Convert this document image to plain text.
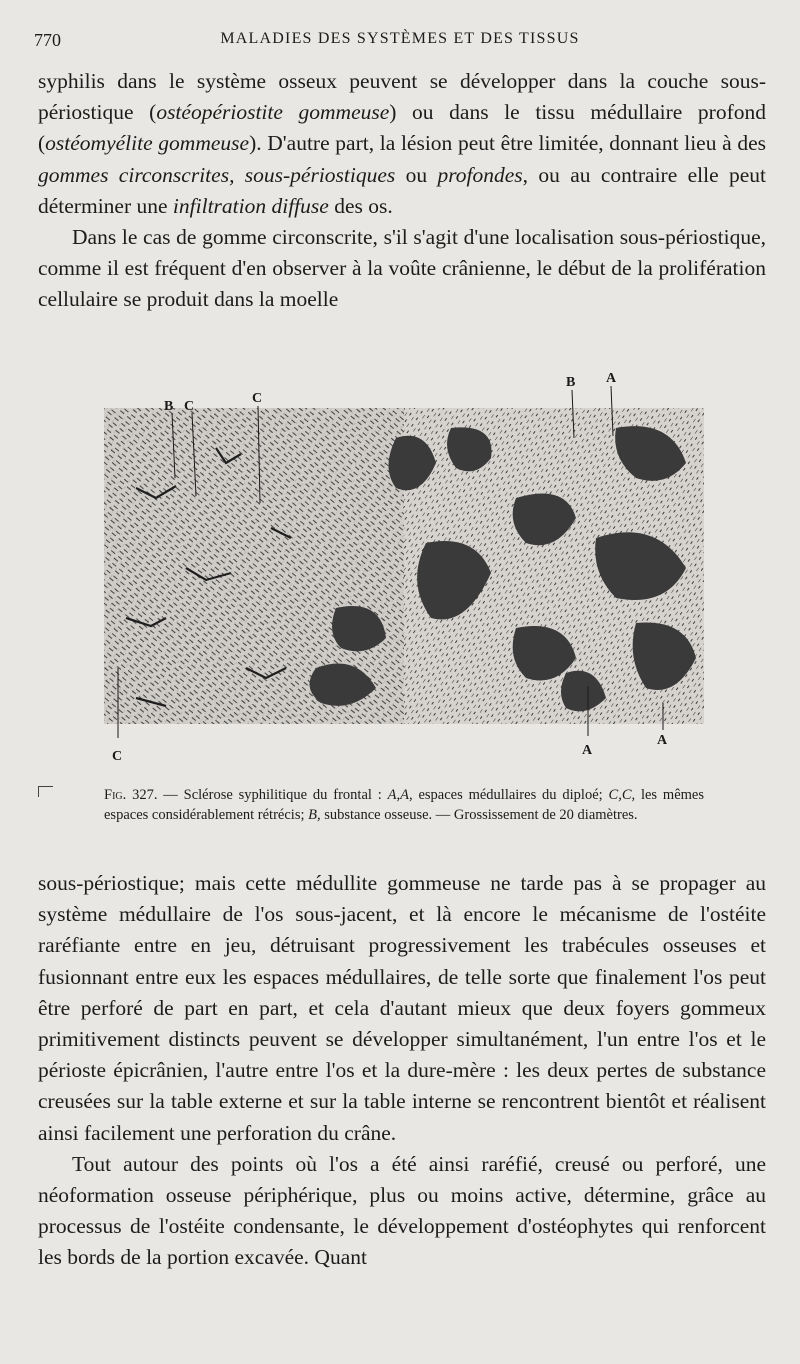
770	MALADIES DES SYSTÈMES ET DES TISSUS

syphilis dans le système osseux peuvent se développer dans la couche sous-périostique (ostéopériostite gommeuse) ou dans le tissu médullaire profond (ostéomyélite gommeuse). D'autre part, la lésion peut être limitée, donnant lieu à des gommes circonscrites, sous-périostiques ou profondes, ou au contraire elle peut déterminer une infiltration diffuse des os.

Dans le cas de gomme circonscrite, s'il s'agit d'une localisation sous-périostique, comme il est fréquent d'en observer à la voûte crânienne, le début de la prolifération cellulaire se produit dans la moelle

B C
C
B A
C	A
A
Fig. 327. — Sclérose syphilitique du frontal : A,A, espaces médullaires du diploé; C,C, les mêmes espaces considérablement rétrécis; B, substance osseuse. — Grossissement de 20 diamètres.

sous-périostique; mais cette médullite gommeuse ne tarde pas à se propager au système médullaire de l'os sous-jacent, et là encore le mécanisme de l'ostéite raréfiante entre en jeu, détruisant progressivement les trabécules osseuses et fusionnant entre eux les espaces médullaires, de telle sorte que finalement l'os peut être perforé de part en part, et cela d'autant mieux que deux foyers gommeux primitivement distincts peuvent se développer simultanément, l'un entre l'os et le périoste épicrânien, l'autre entre l'os et la dure-mère : les deux pertes de substance creusées sur la table externe et sur la table interne se rencontrent bientôt et réalisent ainsi facilement une perforation du crâne.

Tout autour des points où l'os a été ainsi raréfié, creusé ou perforé, une néoformation osseuse périphérique, plus ou moins active, détermine, grâce au processus de l'ostéite condensante, le développement d'ostéophytes qui renforcent les bords de la portion excavée. Quant
